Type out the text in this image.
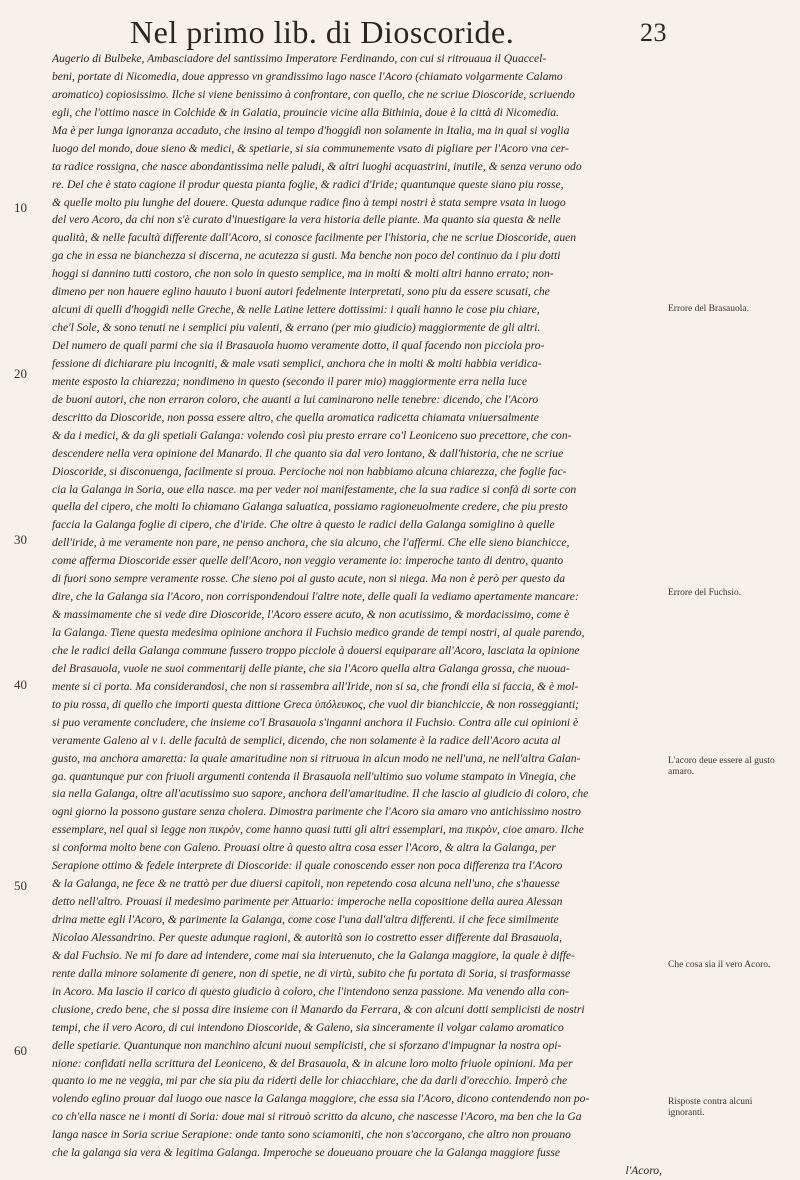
Nel primo lib. di Dioscoride.	23
Augerio di Bulbeke, Ambasciadore del santissimo Imperatore Ferdinando, con cui si ritrouaua il Quaccel-
beni, portate di Nicomedia, doue appresso vn grandissimo lago nasce l'Acoro (chiamato volgarmente Calamo
aromatico) copiosissimo. Ilche si viene benissimo à confrontare, con quello, che ne scriue Dioscoride, scriuendo
egli, che l'ottimo nasce in Colchide & in Galatia, prouincie vicine alla Bithinia, doue è la città di Nicomedia.
Ma è per lunga ignoranza accaduto, che insino al tempo d'hoggidì non solamente in Italia, ma in qual si voglia
luogo del mondo, doue sieno & medici, & spetiarie, si sia communemente vsato di pigliare per l'Acoro vna cer-
ta radice rossigna, che nasce abondantissima nelle paludi, & altri luoghi acquastrini, inutile, & senza veruno odo
re. Del che è stato cagione il produr questa pianta foglie, & radici d'Iride; quantunque queste siano piu rosse,
& quelle molto piu lunghe del douere. Questa adunque radice fino à tempi nostri è stata sempre vsata in luogo
del vero Acoro, da chi non s'è curato d'inuestigare la vera historia delle piante. Ma quanto sia questa & nelle
qualità, & nelle facultà differente dall'Acoro, si conosce facilmente per l'historia, che ne scriue Dioscoride, auen
ga che in essa ne bianchezza si discerna, ne acutezza si gusti. Ma benche non poco del continuo da i piu dotti
hoggi si dannino tutti costoro, che non solo in questo semplice, ma in molti & molti altri hanno errato; non-
dimeno per non hauere eglino hauuto i buoni autori fedelmente interpretati, sono piu da essere scusati, che
alcuni di quelli d'hoggidì nelle Greche, & nelle Latine lettere dottissimi: i quali hanno le cose piu chiare,
che'l Sole, & sono tenuti ne i semplici piu valenti, & errano (per mio giudicio) maggiormente de gli altri.
Del numero de quali parmi che sia il Brasauola huomo veramente dotto, il qual facendo non picciola pro-
fessione di dichiarare piu incogniti, & male vsati semplici, anchora che in molti & molti habbia veridica-
mente esposto la chiarezza; nondimeno in questo (secondo il parer mio) maggiormente erra nella luce
de buoni autori, che non erraron coloro, che auanti a lui caminarono nelle tenebre: dicendo, che l'Acoro
descritto da Dioscoride, non possa essere altro, che quella aromatica radicetta chiamata vniuersalmente
& da i medici, & da gli spetiali Galanga: volendo così piu presto errare co'l Leoniceno suo precettore, che con-
descendere nella vera opinione del Manardo. Il che quanto sia dal vero lontano, & dall'historia, che ne scriue
Dioscoride, si disconuenga, facilmente si proua. Percioche noi non habbiamo alcuna chiarezza, che foglie fac-
cia la Galanga in Soria, oue ella nasce. ma per veder noi manifestamente, che la sua radice si confà di sorte con
quella del cipero, che molti lo chiamano Galanga saluatica, possiamo ragioneuolmente credere, che piu presto
faccia la Galanga foglie di cipero, che d'iride. Che oltre à questo le radici della Galanga somiglino à quelle
dell'iride, à me veramente non pare, ne penso anchora, che sia alcuno, che l'affermi. Che elle sieno bianchicce,
come afferma Dioscoride esser quelle dell'Acoro, non veggio veramente io: imperoche tanto di dentro, quanto
di fuori sono sempre veramente rosse. Che sieno poi al gusto acute, non si niega. Ma non è però per questo da
dire, che la Galanga sia l'Acoro, non corrispondendoui l'altre note, delle quali la vediamo apertamente mancare:
& massimamente che si vede dire Dioscoride, l'Acoro essere acuto, & non acutissimo, & mordacissimo, come è
la Galanga. Tiene questa medesima opinione anchora il Fuchsio medico grande de tempi nostri, al quale parendo,
che le radici della Galanga commune fussero troppo picciole à douersi equiparare all'Acoro, lasciata la opinione
del Brasauola, vuole ne suoi commentarij delle piante, che sia l'Acoro quella altra Galanga grossa, che nuoua-
mente si ci porta. Ma considerandosi, che non si rassembra all'Iride, non si sa, che frondi ella si faccia, & è mol-
to piu rossa, di quello che importi questa dittione Greca ὑπόλευκος, che vuol dir bianchiccie, & non rosseggianti;
si puo veramente concludere, che insieme co'l Brasauola s'inganni anchora il Fuchsio. Contra alle cui opinioni è
veramente Galeno al v i. delle facultà de semplici, dicendo, che non solamente è la radice dell'Acoro acuta al
gusto, ma anchora amaretta: la quale amaritudine non si ritruoua in alcun modo ne nell'una, ne nell'altra Galan-
ga. quantunque pur con friuoli argumenti contenda il Brasauola nell'ultimo suo volume stampato in Vinegia, che
sia nella Galanga, oltre all'acutissimo suo sapore, anchora dell'amaritudine. Il che lascio al giudicio di coloro, che
ogni giorno la possono gustare senza cholera. Dimostra parimente che l'Acoro sia amaro vno antichissimo nostro
essemplare, nel qual si legge non πικρὸν, come hanno quasi tutti gli altri essemplari, ma πικρὸν, cioe amaro. Ilche
si conforma molto bene con Galeno. Prouasi oltre à questo altra cosa esser l'Acoro, & altra la Galanga, per
Serapione ottimo & fedele interprete di Dioscoride: il quale conoscendo esser non poca differenza tra l'Acoro
& la Galanga, ne fece & ne trattò per due diuersi capitoli, non repetendo cosa alcuna nell'uno, che s'hauesse
detto nell'altro. Prouasi il medesimo parimente per Attuario: imperoche nella copositione della aurea Alessan
drina mette egli l'Acoro, & parimente la Galanga, come cose l'una dall'altra differenti. il che fece similmente
Nicolao Alessandrino. Per queste adunque ragioni, & autorità son io costretto esser differente dal Brasauola,
& dal Fuchsio. Ne mi fo dare ad intendere, come mai sia interuenuto, che la Galanga maggiore, la quale è diffe-
rente dalla minore solamente di genere, non di spetie, ne di virtù, subito che fu portata di Soria, si trasformasse
in Acoro. Ma lascio il carico di questo giudicio à coloro, che l'intendono senza passione. Ma venendo alla con-
clusione, credo bene, che si possa dire insieme con il Manardo da Ferrara, & con alcuni dotti semplicisti de nostri
tempi, che il vero Acoro, di cui intendono Dioscoride, & Galeno, sia sinceramente il volgar calamo aromatico
delle spetiarie. Quantunque non manchino alcuni nuoui semplicisti, che si sforzano d'impugnar la nostra opi-
nione: confidati nella scrittura del Leoniceno, & del Brasauola, & in alcune loro molto friuole opinioni. Ma per
quanto io me ne veggia, mi par che sia piu da riderti delle lor chiacchiare, che da darli d'orecchio. Imperò che
volendo eglino prouar dal luogo oue nasce la Galanga maggiore, che essa sia l'Acoro, dicono contendendo non po-
co ch'ella nasce ne i monti di Soria: doue mai si ritrouò scritto da alcuno, che nascesse l'Acoro, ma ben che la Ga
langa nasce in Soria scriue Serapione: onde tanto sono sciamoniti, che non s'accorgano, che altro non prouano
che la galanga sia vera & legitima Galanga. Imperoche se doueuano prouare che la Galanga maggiore fusse
l'Acoro,
10
20
30
40
50
60
Errore del Brasauola.
Errore del Fuchsio.
L'acoro deue essere al gusto amaro.
Che cosa sia il vero Acoro.
Risposte contra alcuni ignoranti.
